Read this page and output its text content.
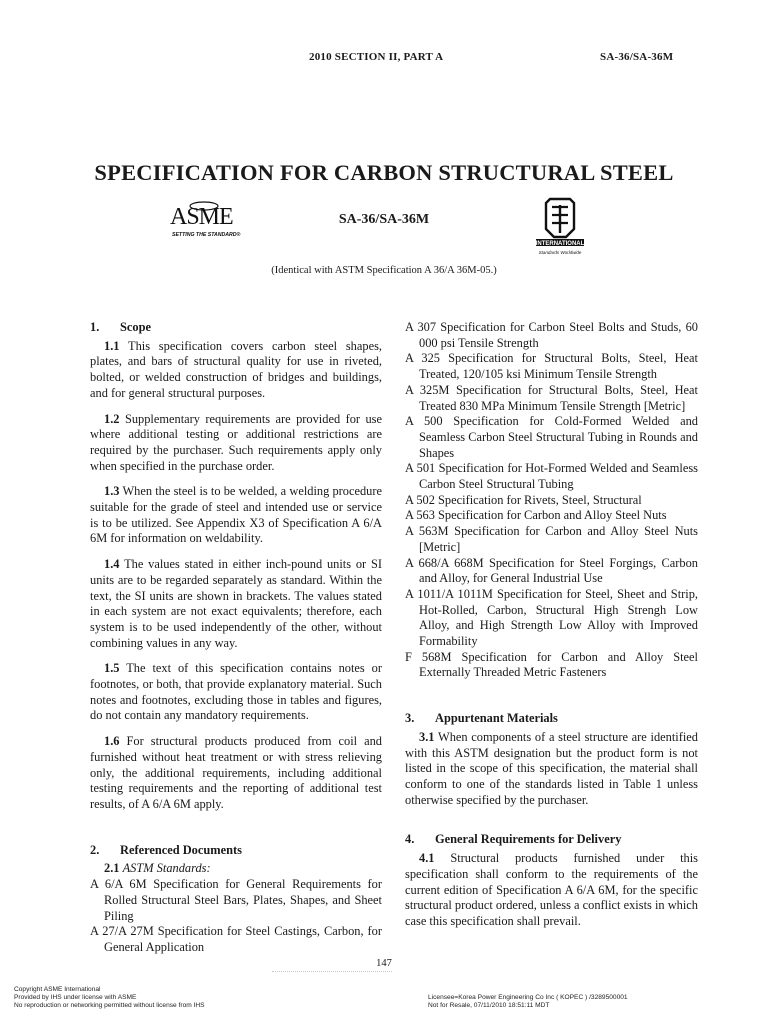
2010 SECTION II, PART A	SA-36/SA-36M
SPECIFICATION FOR CARBON STRUCTURAL STEEL
ASME
SETTING THE STANDARD®
SA-36/SA-36M
INTERNATIONAL
Standards Worldwide
(Identical with ASTM Specification A 36/A 36M-05.)

1. Scope

1.1 This specification covers carbon steel shapes, plates, and bars of structural quality for use in riveted, bolted, or welded construction of bridges and buildings, and for general structural purposes.

1.2 Supplementary requirements are provided for use where additional testing or additional restrictions are required by the purchaser. Such requirements apply only when specified in the purchase order.

1.3 When the steel is to be welded, a welding procedure suitable for the grade of steel and intended use or service is to be utilized. See Appendix X3 of Specification A 6/A 6M for information on weldability.

1.4 The values stated in either inch-pound units or SI units are to be regarded separately as standard. Within the text, the SI units are shown in brackets. The values stated in each system are not exact equivalents; therefore, each system is to be used independently of the other, without combining values in any way.

1.5 The text of this specification contains notes or footnotes, or both, that provide explanatory material. Such notes and footnotes, excluding those in tables and figures, do not contain any mandatory requirements.

1.6 For structural products produced from coil and furnished without heat treatment or with stress relieving only, the additional requirements, including additional testing requirements and the reporting of additional test results, of A 6/A 6M apply.

2. Referenced Documents

2.1 ASTM Standards:

A 6/A 6M Specification for General Requirements for Rolled Structural Steel Bars, Plates, Shapes, and Sheet Piling

A 27/A 27M Specification for Steel Castings, Carbon, for General Application

A 307 Specification for Carbon Steel Bolts and Studs, 60 000 psi Tensile Strength

A 325 Specification for Structural Bolts, Steel, Heat Treated, 120/105 ksi Minimum Tensile Strength

A 325M Specification for Structural Bolts, Steel, Heat Treated 830 MPa Minimum Tensile Strength [Metric]

A 500 Specification for Cold-Formed Welded and Seamless Carbon Steel Structural Tubing in Rounds and Shapes

A 501 Specification for Hot-Formed Welded and Seamless Carbon Steel Structural Tubing

A 502 Specification for Rivets, Steel, Structural

A 563 Specification for Carbon and Alloy Steel Nuts

A 563M Specification for Carbon and Alloy Steel Nuts [Metric]

A 668/A 668M Specification for Steel Forgings, Carbon and Alloy, for General Industrial Use

A 1011/A 1011M Specification for Steel, Sheet and Strip, Hot-Rolled, Carbon, Structural High Strengh Low Alloy, and High Strength Low Alloy with Improved Formability

F 568M Specification for Carbon and Alloy Steel Externally Threaded Metric Fasteners

3. Appurtenant Materials

3.1 When components of a steel structure are identified with this ASTM designation but the product form is not listed in the scope of this specification, the material shall conform to one of the standards listed in Table 1 unless otherwise specified by the purchaser.

4. General Requirements for Delivery

4.1 Structural products furnished under this specification shall conform to the requirements of the current edition of Specification A 6/A 6M, for the specific structural product ordered, unless a conflict exists in which case this specification shall prevail.

147
Copyright ASME International
Provided by IHS under license with ASME
No reproduction or networking permitted without license from IHS
Licensee=Korea Power Engineering Co Inc ( KOPEC ) /3289500001
Not for Resale, 07/11/2010 18:51:11 MDT
